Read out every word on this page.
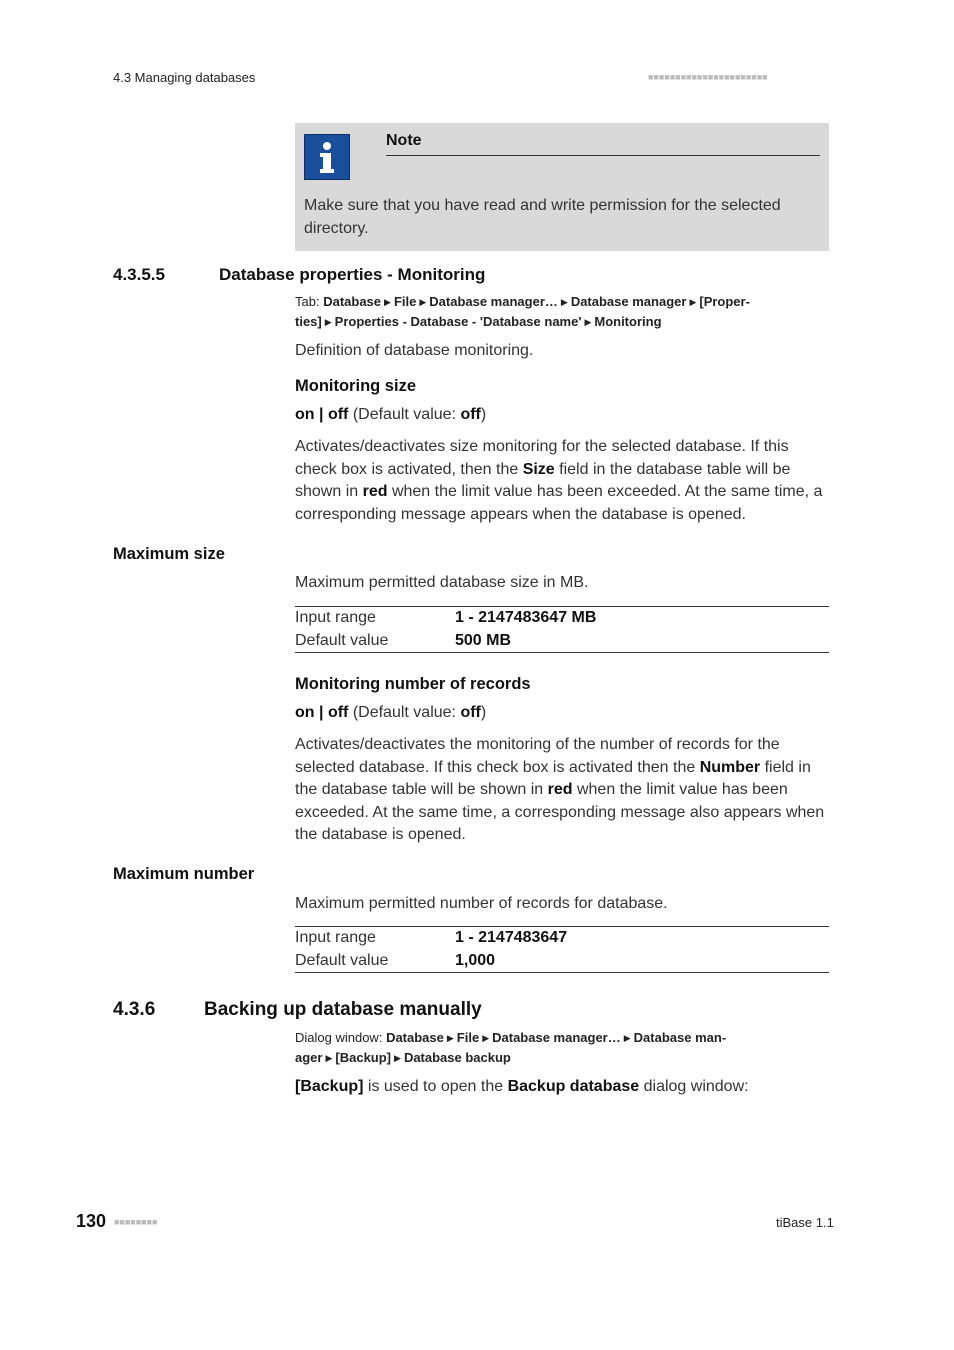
4.3 Managing databases	■■■■■■■■■■■■■■■■■■■■■■
Note
Make sure that you have read and write permission for the selected directory.
4.3.5.5	Database properties - Monitoring
Tab: Database ▶ File ▶ Database manager… ▶ Database manager ▶ [Proper-
ties] ▶ Properties - Database - 'Database name' ▶ Monitoring
Definition of database monitoring.
Monitoring size
on | off (Default value: off)
Activates/deactivates size monitoring for the selected database. If this check box is activated, then the Size field in the database table will be shown in red when the limit value has been exceeded. At the same time, a corresponding message appears when the database is opened.
Maximum size
Maximum permitted database size in MB.
Input range	1 - 2147483647 MB
Default value	500 MB
Monitoring number of records
on | off (Default value: off)
Activates/deactivates the monitoring of the number of records for the selected database. If this check box is activated then the Number field in the database table will be shown in red when the limit value has been exceeded. At the same time, a corresponding message also appears when the database is opened.
Maximum number
Maximum permitted number of records for database.
Input range	1 - 2147483647
Default value	1,000
4.3.6	Backing up database manually
Dialog window: Database ▶ File ▶ Database manager… ▶ Database man-
ager ▶ [Backup] ▶ Database backup
[Backup] is used to open the Backup database dialog window:
130 ■■■■■■■■	tiBase 1.1
